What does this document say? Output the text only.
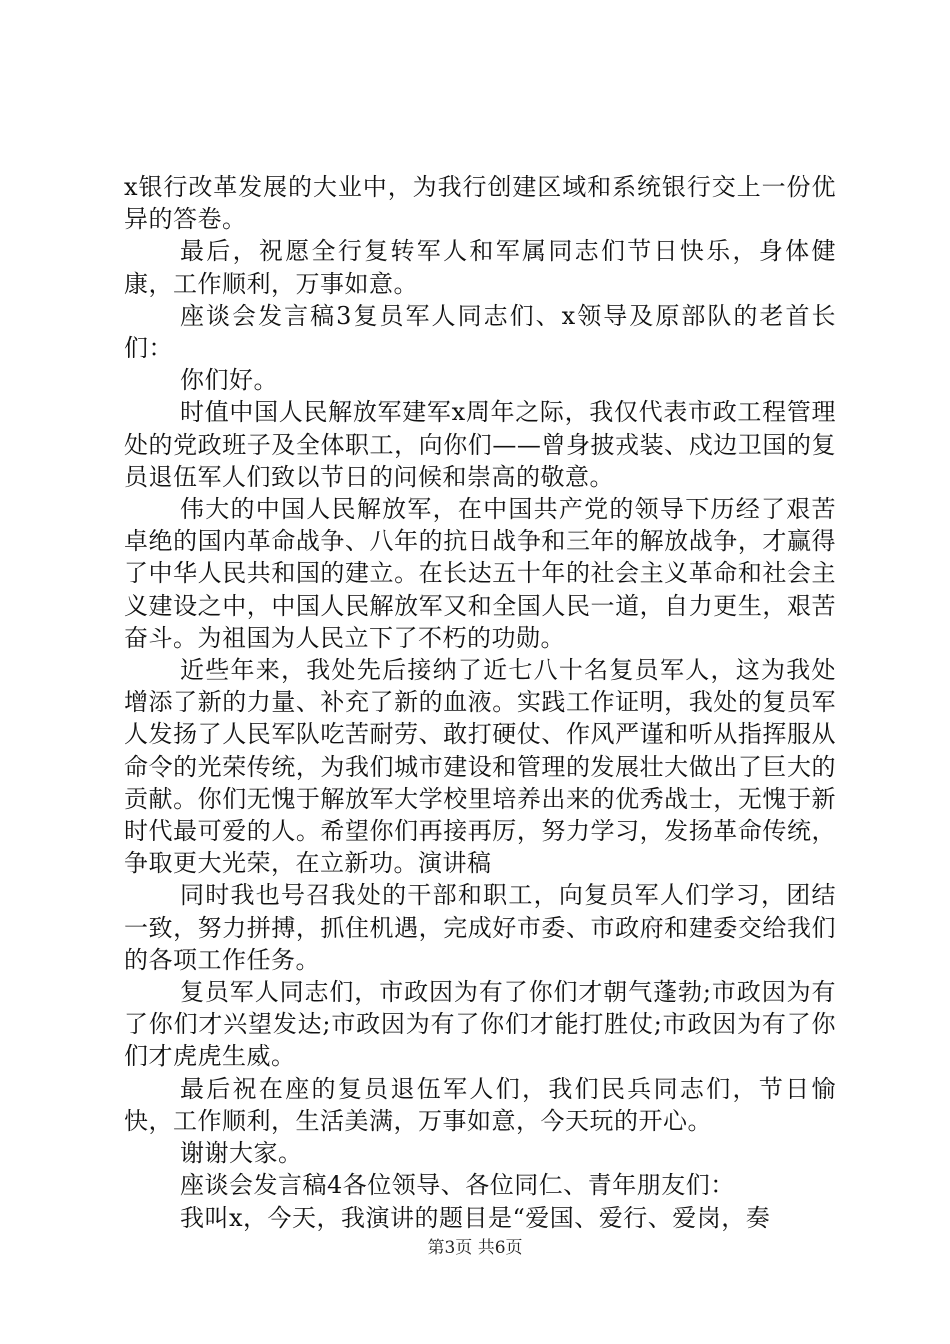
x银行改革发展的大业中，为我行创建区域和系统银行交上一份优异的答卷。

最后，祝愿全行复转军人和军属同志们节日快乐，身体健康，工作顺利，万事如意。

座谈会发言稿3复员军人同志们、x领导及原部队的老首长们：

你们好。

时值中国人民解放军建军x周年之际，我仅代表市政工程管理处的党政班子及全体职工，向你们——曾身披戎装、戍边卫国的复员退伍军人们致以节日的问候和崇高的敬意。

伟大的中国人民解放军，在中国共产党的领导下历经了艰苦卓绝的国内革命战争、八年的抗日战争和三年的解放战争，才赢得了中华人民共和国的建立。在长达五十年的社会主义革命和社会主义建设之中，中国人民解放军又和全国人民一道，自力更生，艰苦奋斗。为祖国为人民立下了不朽的功勋。

近些年来，我处先后接纳了近七八十名复员军人，这为我处增添了新的力量、补充了新的血液。实践工作证明，我处的复员军人发扬了人民军队吃苦耐劳、敢打硬仗、作风严谨和听从指挥服从命令的光荣传统，为我们城市建设和管理的发展壮大做出了巨大的贡献。你们无愧于解放军大学校里培养出来的优秀战士，无愧于新时代最可爱的人。希望你们再接再厉，努力学习，发扬革命传统，争取更大光荣，在立新功。演讲稿

同时我也号召我处的干部和职工，向复员军人们学习，团结一致，努力拼搏，抓住机遇，完成好市委、市政府和建委交给我们的各项工作任务。

复员军人同志们，市政因为有了你们才朝气蓬勃;市政因为有了你们才兴望发达;市政因为有了你们才能打胜仗;市政因为有了你们才虎虎生威。

最后祝在座的复员退伍军人们，我们民兵同志们，节日愉快，工作顺利，生活美满，万事如意，今天玩的开心。

谢谢大家。

座谈会发言稿4各位领导、各位同仁、青年朋友们：

我叫x，今天，我演讲的题目是“爱国、爱行、爱岗，奏

第3页 共6页
